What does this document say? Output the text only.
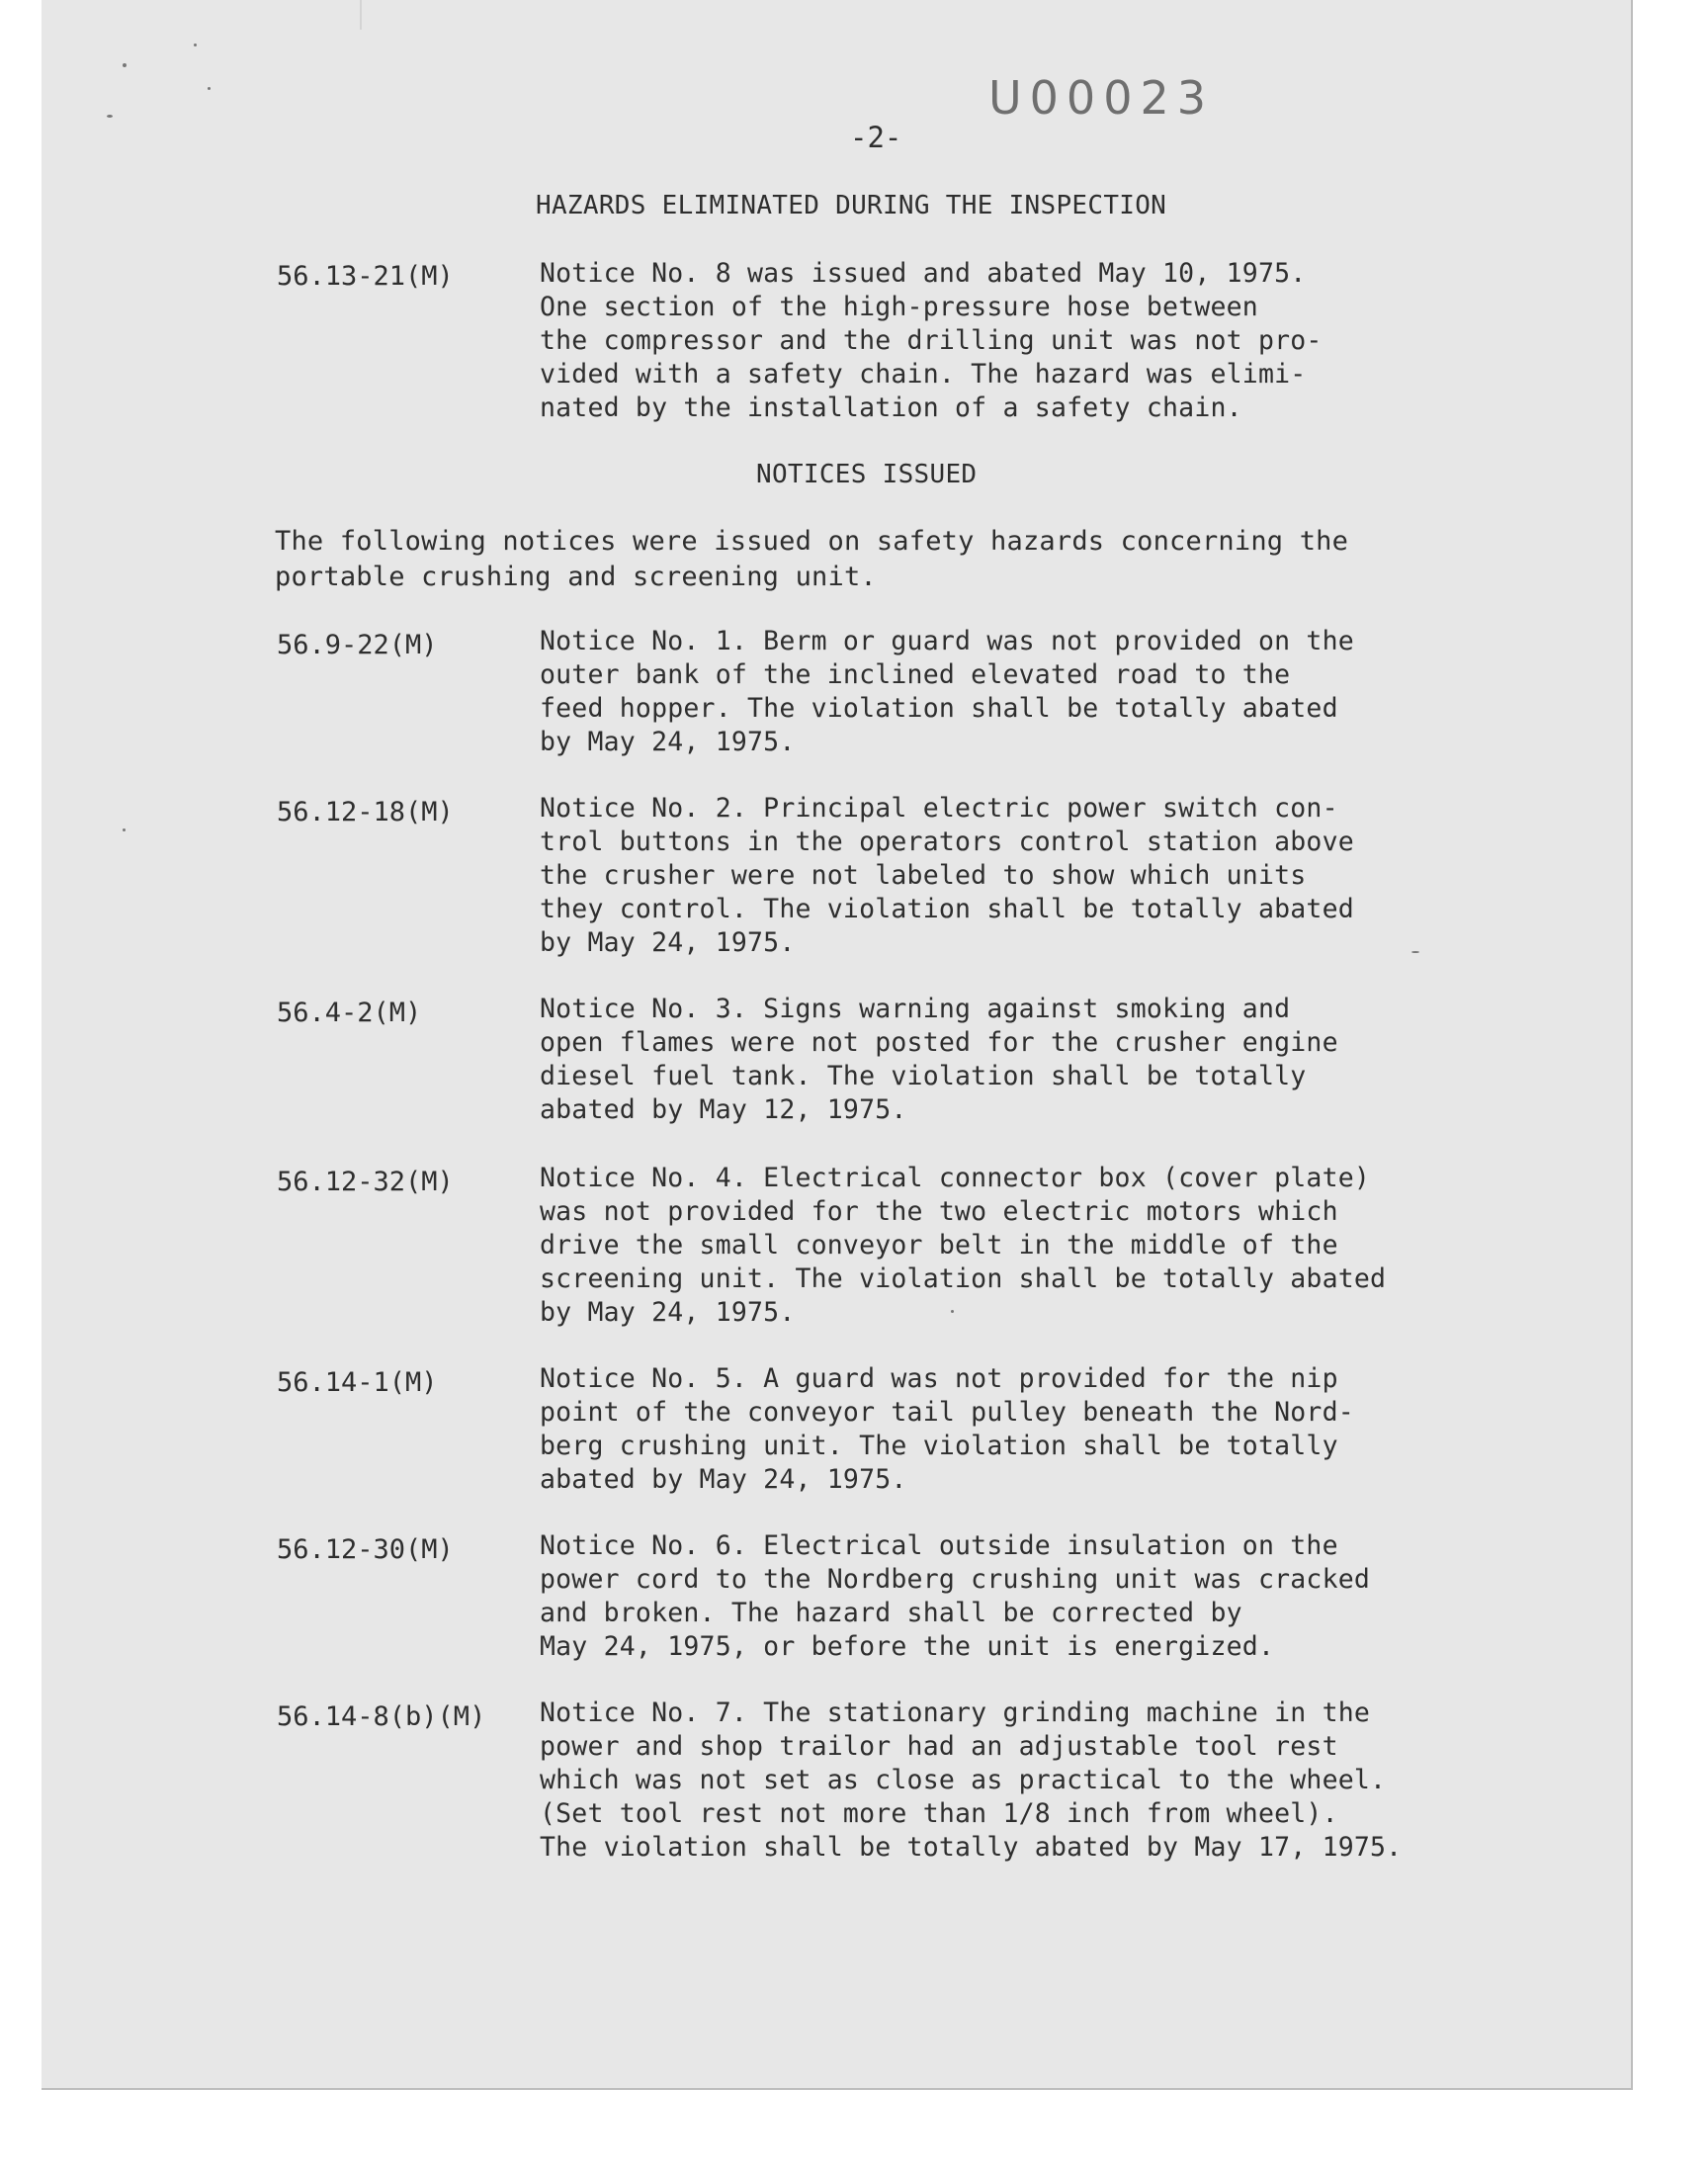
U00023
-2-
HAZARDS ELIMINATED DURING THE INSPECTION
56.13-21(M)	Notice No. 8 was issued and abated May 10, 1975.
One section of the high-pressure hose between
the compressor and the drilling unit was not pro-
vided with a safety chain. The hazard was elimi-
nated by the installation of a safety chain.
NOTICES ISSUED
The following notices were issued on safety hazards concerning the
portable crushing and screening unit.
56.9-22(M)	Notice No. 1. Berm or guard was not provided on the
outer bank of the inclined elevated road to the
feed hopper. The violation shall be totally abated
by May 24, 1975.
56.12-18(M)	Notice No. 2. Principal electric power switch con-
trol buttons in the operators control station above
the crusher were not labeled to show which units
they control. The violation shall be totally abated
by May 24, 1975.
56.4-2(M)	Notice No. 3. Signs warning against smoking and
open flames were not posted for the crusher engine
diesel fuel tank. The violation shall be totally
abated by May 12, 1975.
56.12-32(M)	Notice No. 4. Electrical connector box (cover plate)
was not provided for the two electric motors which
drive the small conveyor belt in the middle of the
screening unit. The violation shall be totally abated
by May 24, 1975.
56.14-1(M)	Notice No. 5. A guard was not provided for the nip
point of the conveyor tail pulley beneath the Nord-
berg crushing unit. The violation shall be totally
abated by May 24, 1975.
56.12-30(M)	Notice No. 6. Electrical outside insulation on the
power cord to the Nordberg crushing unit was cracked
and broken. The hazard shall be corrected by
May 24, 1975, or before the unit is energized.
56.14-8(b)(M) Notice No. 7. The stationary grinding machine in the
power and shop trailor had an adjustable tool rest
which was not set as close as practical to the wheel.
(Set tool rest not more than 1/8 inch from wheel).
The violation shall be totally abated by May 17, 1975.
